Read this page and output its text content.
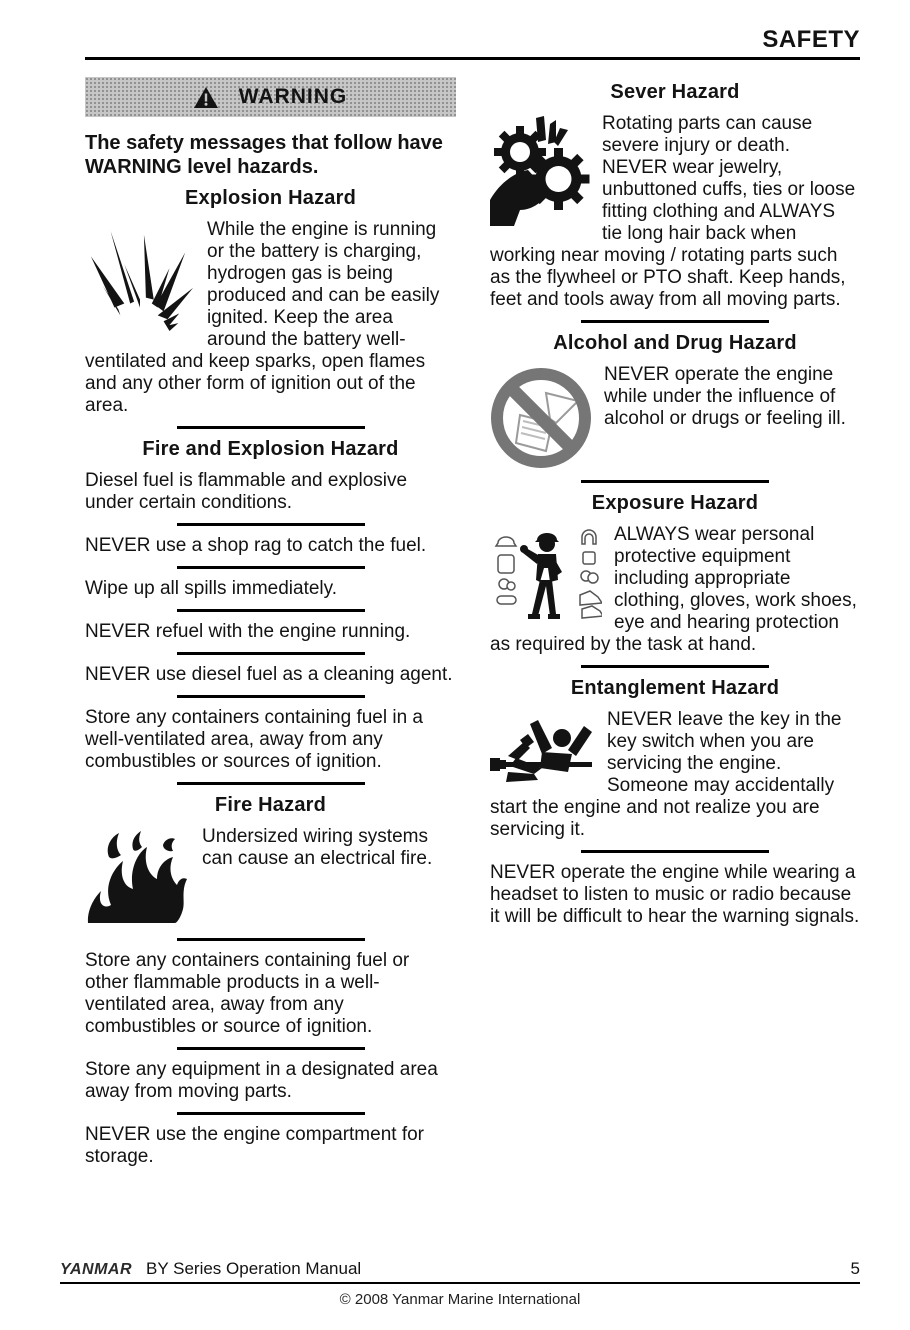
SAFETY
WARNING

The safety messages that follow have WARNING level hazards.

Explosion Hazard
While the engine is running or the battery is charging, hydrogen gas is being produced and can be easily ignited. Keep the area around the battery well-ventilated and keep sparks, open flames and any other form of ignition out of the area.
Fire and Explosion Hazard

Diesel fuel is flammable and explosive under certain conditions.

NEVER use a shop rag to catch the fuel.

Wipe up all spills immediately.

NEVER refuel with the engine running.

NEVER use diesel fuel as a cleaning agent.

Store any containers containing fuel in a well-ventilated area, away from any combustibles or sources of ignition.

Fire Hazard
Undersized wiring systems can cause an electrical fire.

Store any containers containing fuel or other flammable products in a well-ventilated area, away from any combustibles or source of ignition.

Store any equipment in a designated area away from moving parts.

NEVER use the engine compartment for storage.

Sever Hazard
Rotating parts can cause severe injury or death. NEVER wear jewelry, unbuttoned cuffs, ties or loose fitting clothing and ALWAYS tie long hair back when working near moving / rotating parts such as the flywheel or PTO shaft. Keep hands, feet and tools away from all moving parts.
Alcohol and Drug Hazard
NEVER operate the engine while under the influence of alcohol or drugs or feeling ill.
Exposure Hazard
ALWAYS wear personal protective equipment including appropriate clothing, gloves, work shoes, eye and hearing protection as required by the task at hand.
Entanglement Hazard
NEVER leave the key in the key switch when you are servicing the engine. Someone may accidentally start the engine and not realize you are servicing it.

NEVER operate the engine while wearing a headset to listen to music or radio because it will be difficult to hear the warning signals.

YANMAR BY Series Operation Manual	5
© 2008 Yanmar Marine International
